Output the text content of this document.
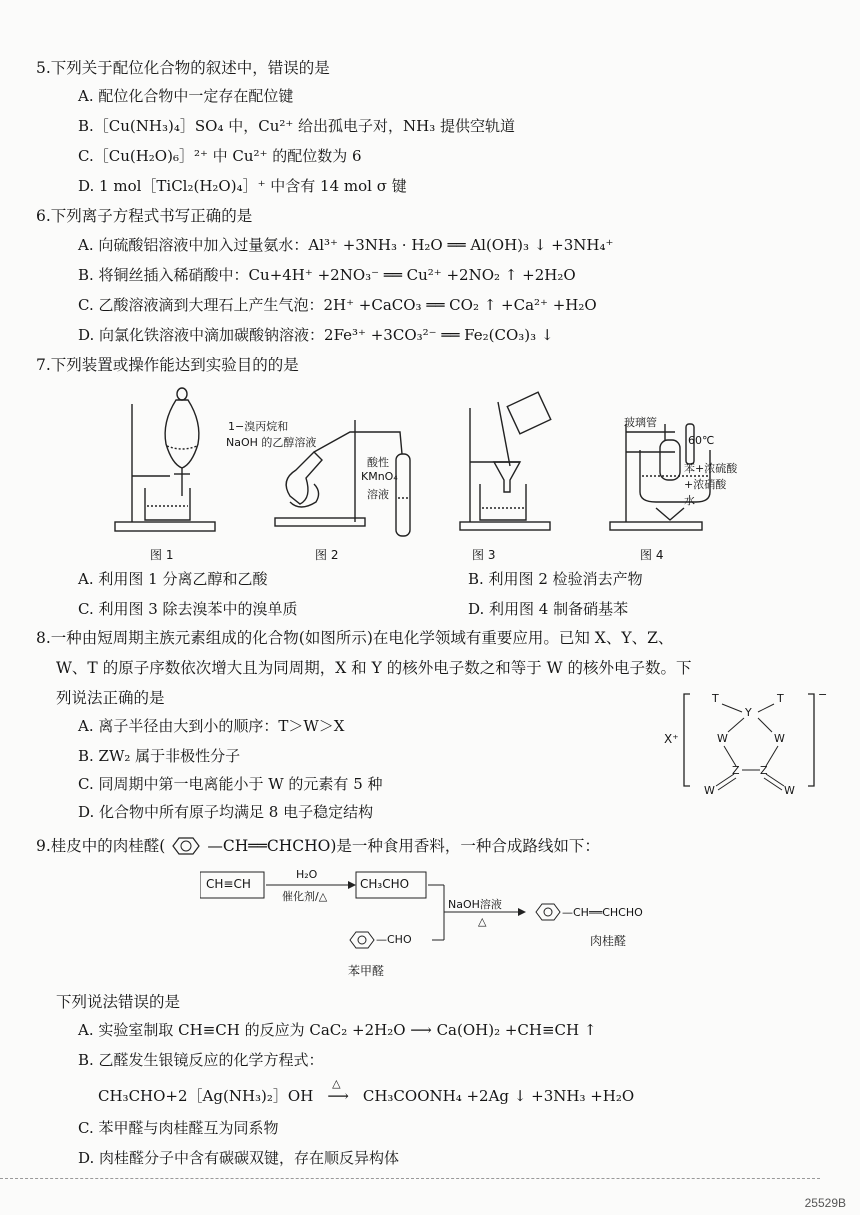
5.下列关于配位化合物的叙述中，错误的是
A. 配位化合物中一定存在配位键
B.［Cu(NH₃)₄］SO₄ 中，Cu²⁺ 给出孤电子对，NH₃ 提供空轨道
C.［Cu(H₂O)₆］²⁺ 中 Cu²⁺ 的配位数为 6
D. 1 mol［TiCl₂(H₂O)₄］⁺ 中含有 14 mol σ 键
6.下列离子方程式书写正确的是
A. 向硫酸铝溶液中加入过量氨水：Al³⁺ +3NH₃ · H₂O ══ Al(OH)₃ ↓ +3NH₄⁺
B. 将铜丝插入稀硝酸中：Cu+4H⁺ +2NO₃⁻ ══ Cu²⁺ +2NO₂ ↑ +2H₂O
C. 乙酸溶液滴到大理石上产生气泡：2H⁺ +CaCO₃ ══ CO₂ ↑ +Ca²⁺ +H₂O
D. 向氯化铁溶液中滴加碳酸钠溶液：2Fe³⁺ +3CO₃²⁻ ══ Fe₂(CO₃)₃ ↓
7.下列装置或操作能达到实验目的的是
1−溴丙烷和
NaOH 的乙醇溶液
酸性
KMnO₄
溶液
玻璃管
60℃
苯+浓硫酸
+浓硝酸
水
图 1	图 2	图 3	图 4
A. 利用图 1 分离乙醇和乙酸	B. 利用图 2 检验消去产物
C. 利用图 3 除去溴苯中的溴单质	D. 利用图 4 制备硝基苯
8.一种由短周期主族元素组成的化合物(如图所示)在电化学领域有重要应用。已知 X、Y、Z、
W、T 的原子序数依次增大且为同周期，X 和 Y 的核外电子数之和等于 W 的核外电子数。下
列说法正确的是
A. 离子半径由大到小的顺序：T＞W＞X
B. ZW₂ 属于非极性分子
C. 同周期中第一电离能小于 W 的元素有 5 种
D. 化合物中所有原子均满足 8 电子稳定结构
T	T
Y
W	W
Z Z
W	W
−
X⁺
9.桂皮中的肉桂醛(	—CH══CHCHO)是一种食用香料，一种合成路线如下：
CH≡CH	CH₃CHO
H₂O
催化剂/△
NaOH溶液
△
—CHO
苯甲醛
—CH══CHCHO
肉桂醛
下列说法错误的是
A. 实验室制取 CH≡CH 的反应为 CaC₂ +2H₂O ⟶ Ca(OH)₂ +CH≡CH ↑
B. 乙醛发生银镜反应的化学方程式：
CH₃CHO+2［Ag(NH₃)₂］OH
△
⟶ CH₃COONH₄ +2Ag ↓ +3NH₃ +H₂O
C. 苯甲醛与肉桂醛互为同系物
D. 肉桂醛分子中含有碳碳双键，存在顺反异构体
25529B
